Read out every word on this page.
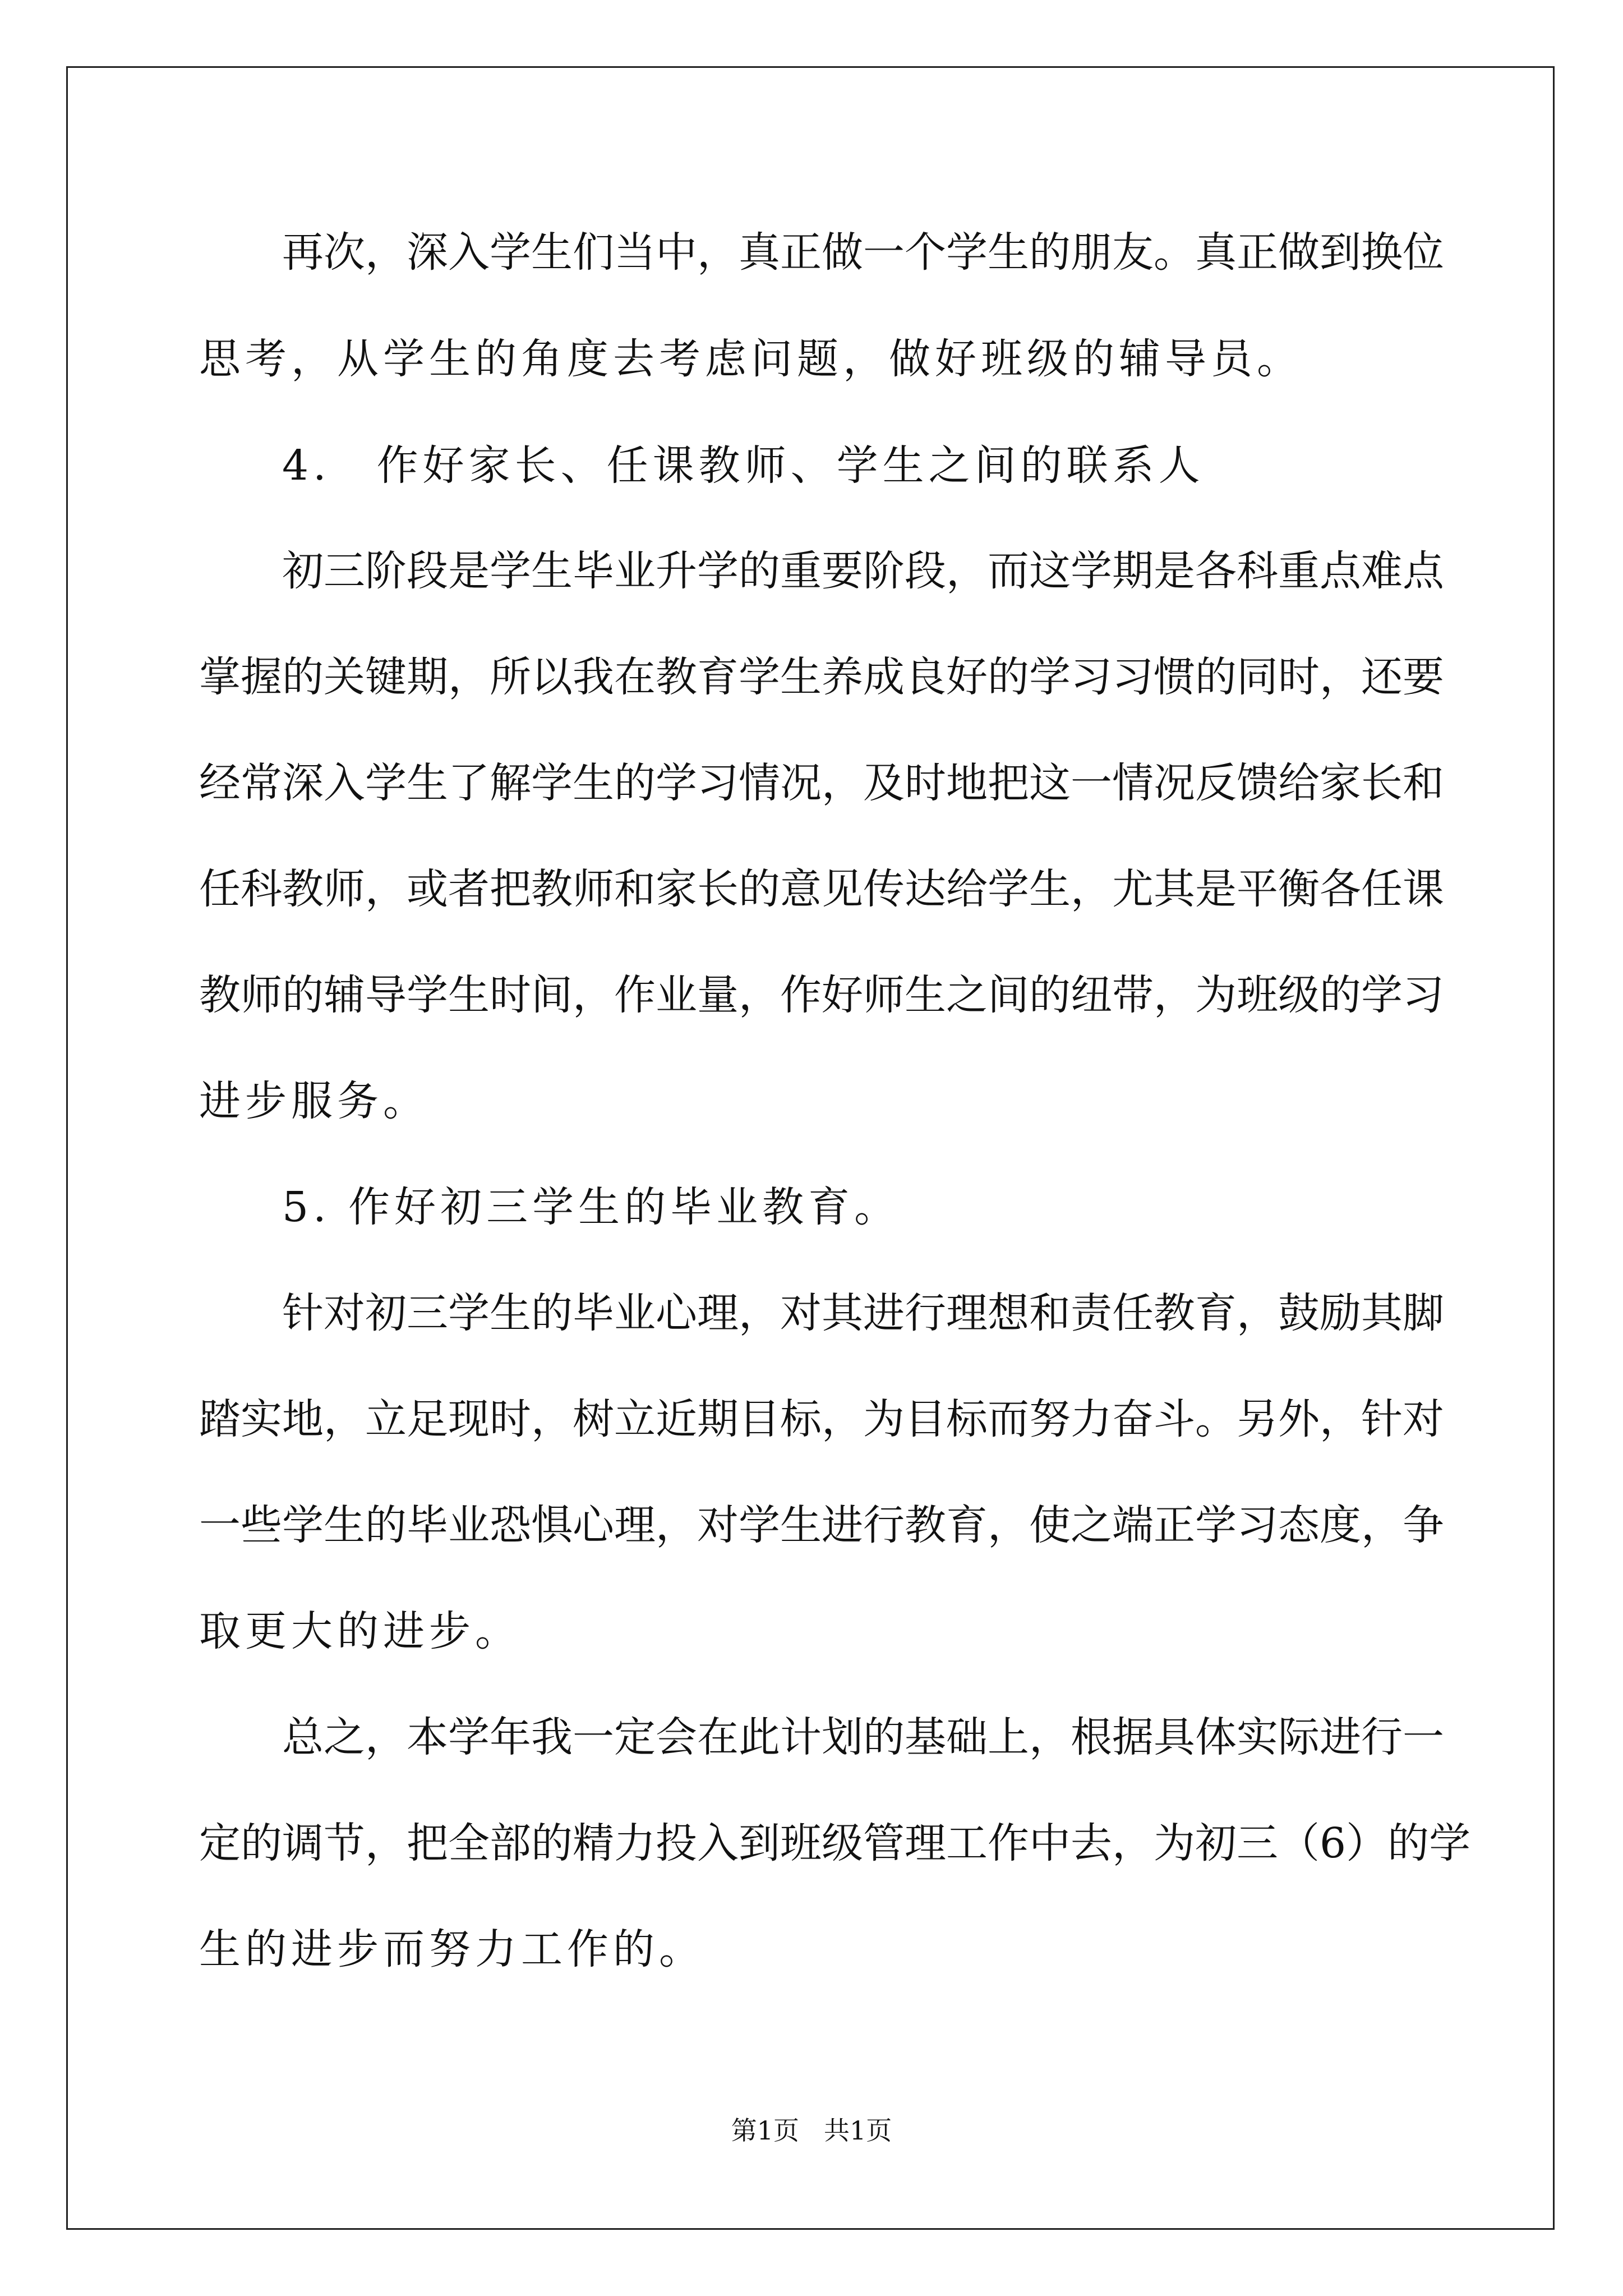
再次，深入学生们当中，真正做一个学生的朋友。真正做到换位
思考，从学生的角度去考虑问题，做好班级的辅导员。
4.　作好家长、任课教师、学生之间的联系人
初三阶段是学生毕业升学的重要阶段，而这学期是各科重点难点
掌握的关键期，所以我在教育学生养成良好的学习习惯的同时，还要
经常深入学生了解学生的学习情况，及时地把这一情况反馈给家长和
任科教师，或者把教师和家长的意见传达给学生，尤其是平衡各任课
教师的辅导学生时间，作业量，作好师生之间的纽带，为班级的学习
进步服务。
5. 作好初三学生的毕业教育。
针对初三学生的毕业心理，对其进行理想和责任教育，鼓励其脚
踏实地，立足现时，树立近期目标，为目标而努力奋斗。另外，针对
一些学生的毕业恐惧心理，对学生进行教育，使之端正学习态度，争
取更大的进步。
总之，本学年我一定会在此计划的基础上，根据具体实际进行一
定的调节，把全部的精力投入到班级管理工作中去，为初三（6）的学
生的进步而努力工作的。
第1页 共1页
